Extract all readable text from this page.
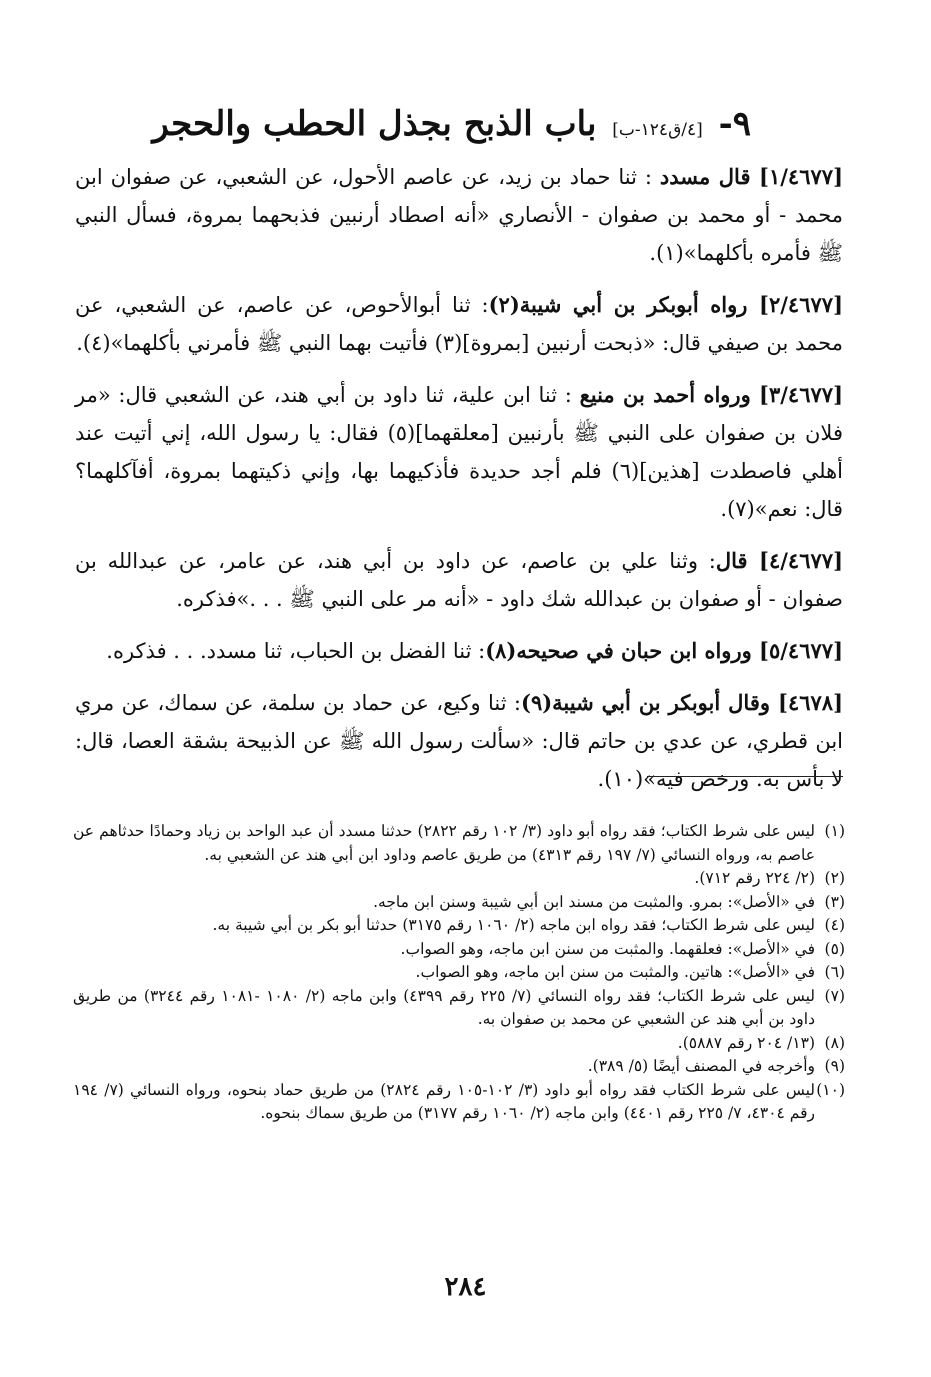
٩- [٤/ق١٢٤-ب] باب الذبح بجذل الحطب والحجر

[١/٤٦٧٧] قال مسدد : ثنا حماد بن زيد، عن عاصم الأحول، عن الشعبي، عن صفوان ابن محمد - أو محمد بن صفوان - الأنصاري «أنه اصطاد أرنبين فذبحهما بمروة، فسأل النبي ﷺ فأمره بأكلهما»(١).

[٢/٤٦٧٧] رواه أبوبكر بن أبي شيبة(٢): ثنا أبوالأحوص، عن عاصم، عن الشعبي، عن محمد بن صيفي قال: «ذبحت أرنبين [بمروة](٣) فأتيت بهما النبي ﷺ فأمرني بأكلهما»(٤).

[٣/٤٦٧٧] ورواه أحمد بن منيع : ثنا ابن علية، ثنا داود بن أبي هند، عن الشعبي قال: «مر فلان بن صفوان على النبي ﷺ بأرنبين [معلقهما](٥) فقال: يا رسول الله، إني أتيت عند أهلي فاصطدت [هذين](٦) فلم أجد حديدة فأذكيهما بها، وإني ذكيتهما بمروة، أفآكلهما؟ قال: نعم»(٧).

[٤/٤٦٧٧] قال: وثنا علي بن عاصم، عن داود بن أبي هند، عن عامر، عن عبدالله بن صفوان - أو صفوان بن عبدالله شك داود - «أنه مر على النبي ﷺ . . .»فذكره.

[٥/٤٦٧٧] ورواه ابن حبان في صحيحه(٨): ثنا الفضل بن الحباب، ثنا مسدد. . . فذكره.

[٤٦٧٨] وقال أبوبكر بن أبي شيبة(٩): ثنا وكيع، عن حماد بن سلمة، عن سماك، عن مري ابن قطري، عن عدي بن حاتم قال: «سألت رسول الله ﷺ عن الذبيحة بشقة العصا، قال: لا بأس به. ورخص فيه»(١٠).

(١)
ليس على شرط الكتاب؛ فقد رواه أبو داود (٣/ ١٠٢ رقم ٢٨٢٢) حدثنا مسدد أن عبد الواحد بن زياد وحمادًا حدثاهم عن عاصم به، ورواه النسائي (٧/ ١٩٧ رقم ٤٣١٣) من طريق عاصم وداود ابن أبي هند عن الشعبي به.
(٢)
(٢/ ٢٢٤ رقم ٧١٢).
(٣)
في «الأصل»: بمرو. والمثبت من مسند ابن أبي شيبة وسنن ابن ماجه.
(٤)
ليس على شرط الكتاب؛ فقد رواه ابن ماجه (٢/ ١٠٦٠ رقم ٣١٧٥) حدثنا أبو بكر بن أبي شيبة به.
(٥)
في «الأصل»: فعلقهما. والمثبت من سنن ابن ماجه، وهو الصواب.
(٦)
في «الأصل»: هاتين. والمثبت من سنن ابن ماجه، وهو الصواب.
(٧)
ليس على شرط الكتاب؛ فقد رواه النسائي (٧/ ٢٢٥ رقم ٤٣٩٩) وابن ماجه (٢/ ١٠٨٠ -١٠٨١ رقم ٣٢٤٤) من طريق داود بن أبي هند عن الشعبي عن محمد بن صفوان به.
(٨)
(١٣/ ٢٠٤ رقم ٥٨٨٧).
(٩)
وأخرجه في المصنف أيضًا (٥/ ٣٨٩).
(١٠)
ليس على شرط الكتاب فقد رواه أبو داود (٣/ ١٠٢-١٠٥ رقم ٢٨٢٤) من طريق حماد بنحوه، ورواه النسائي (٧/ ١٩٤ رقم ٤٣٠٤، ٧/ ٢٢٥ رقم ٤٤٠١) وابن ماجه (٢/ ١٠٦٠ رقم ٣١٧٧) من طريق سماك بنحوه.
٢٨٤
